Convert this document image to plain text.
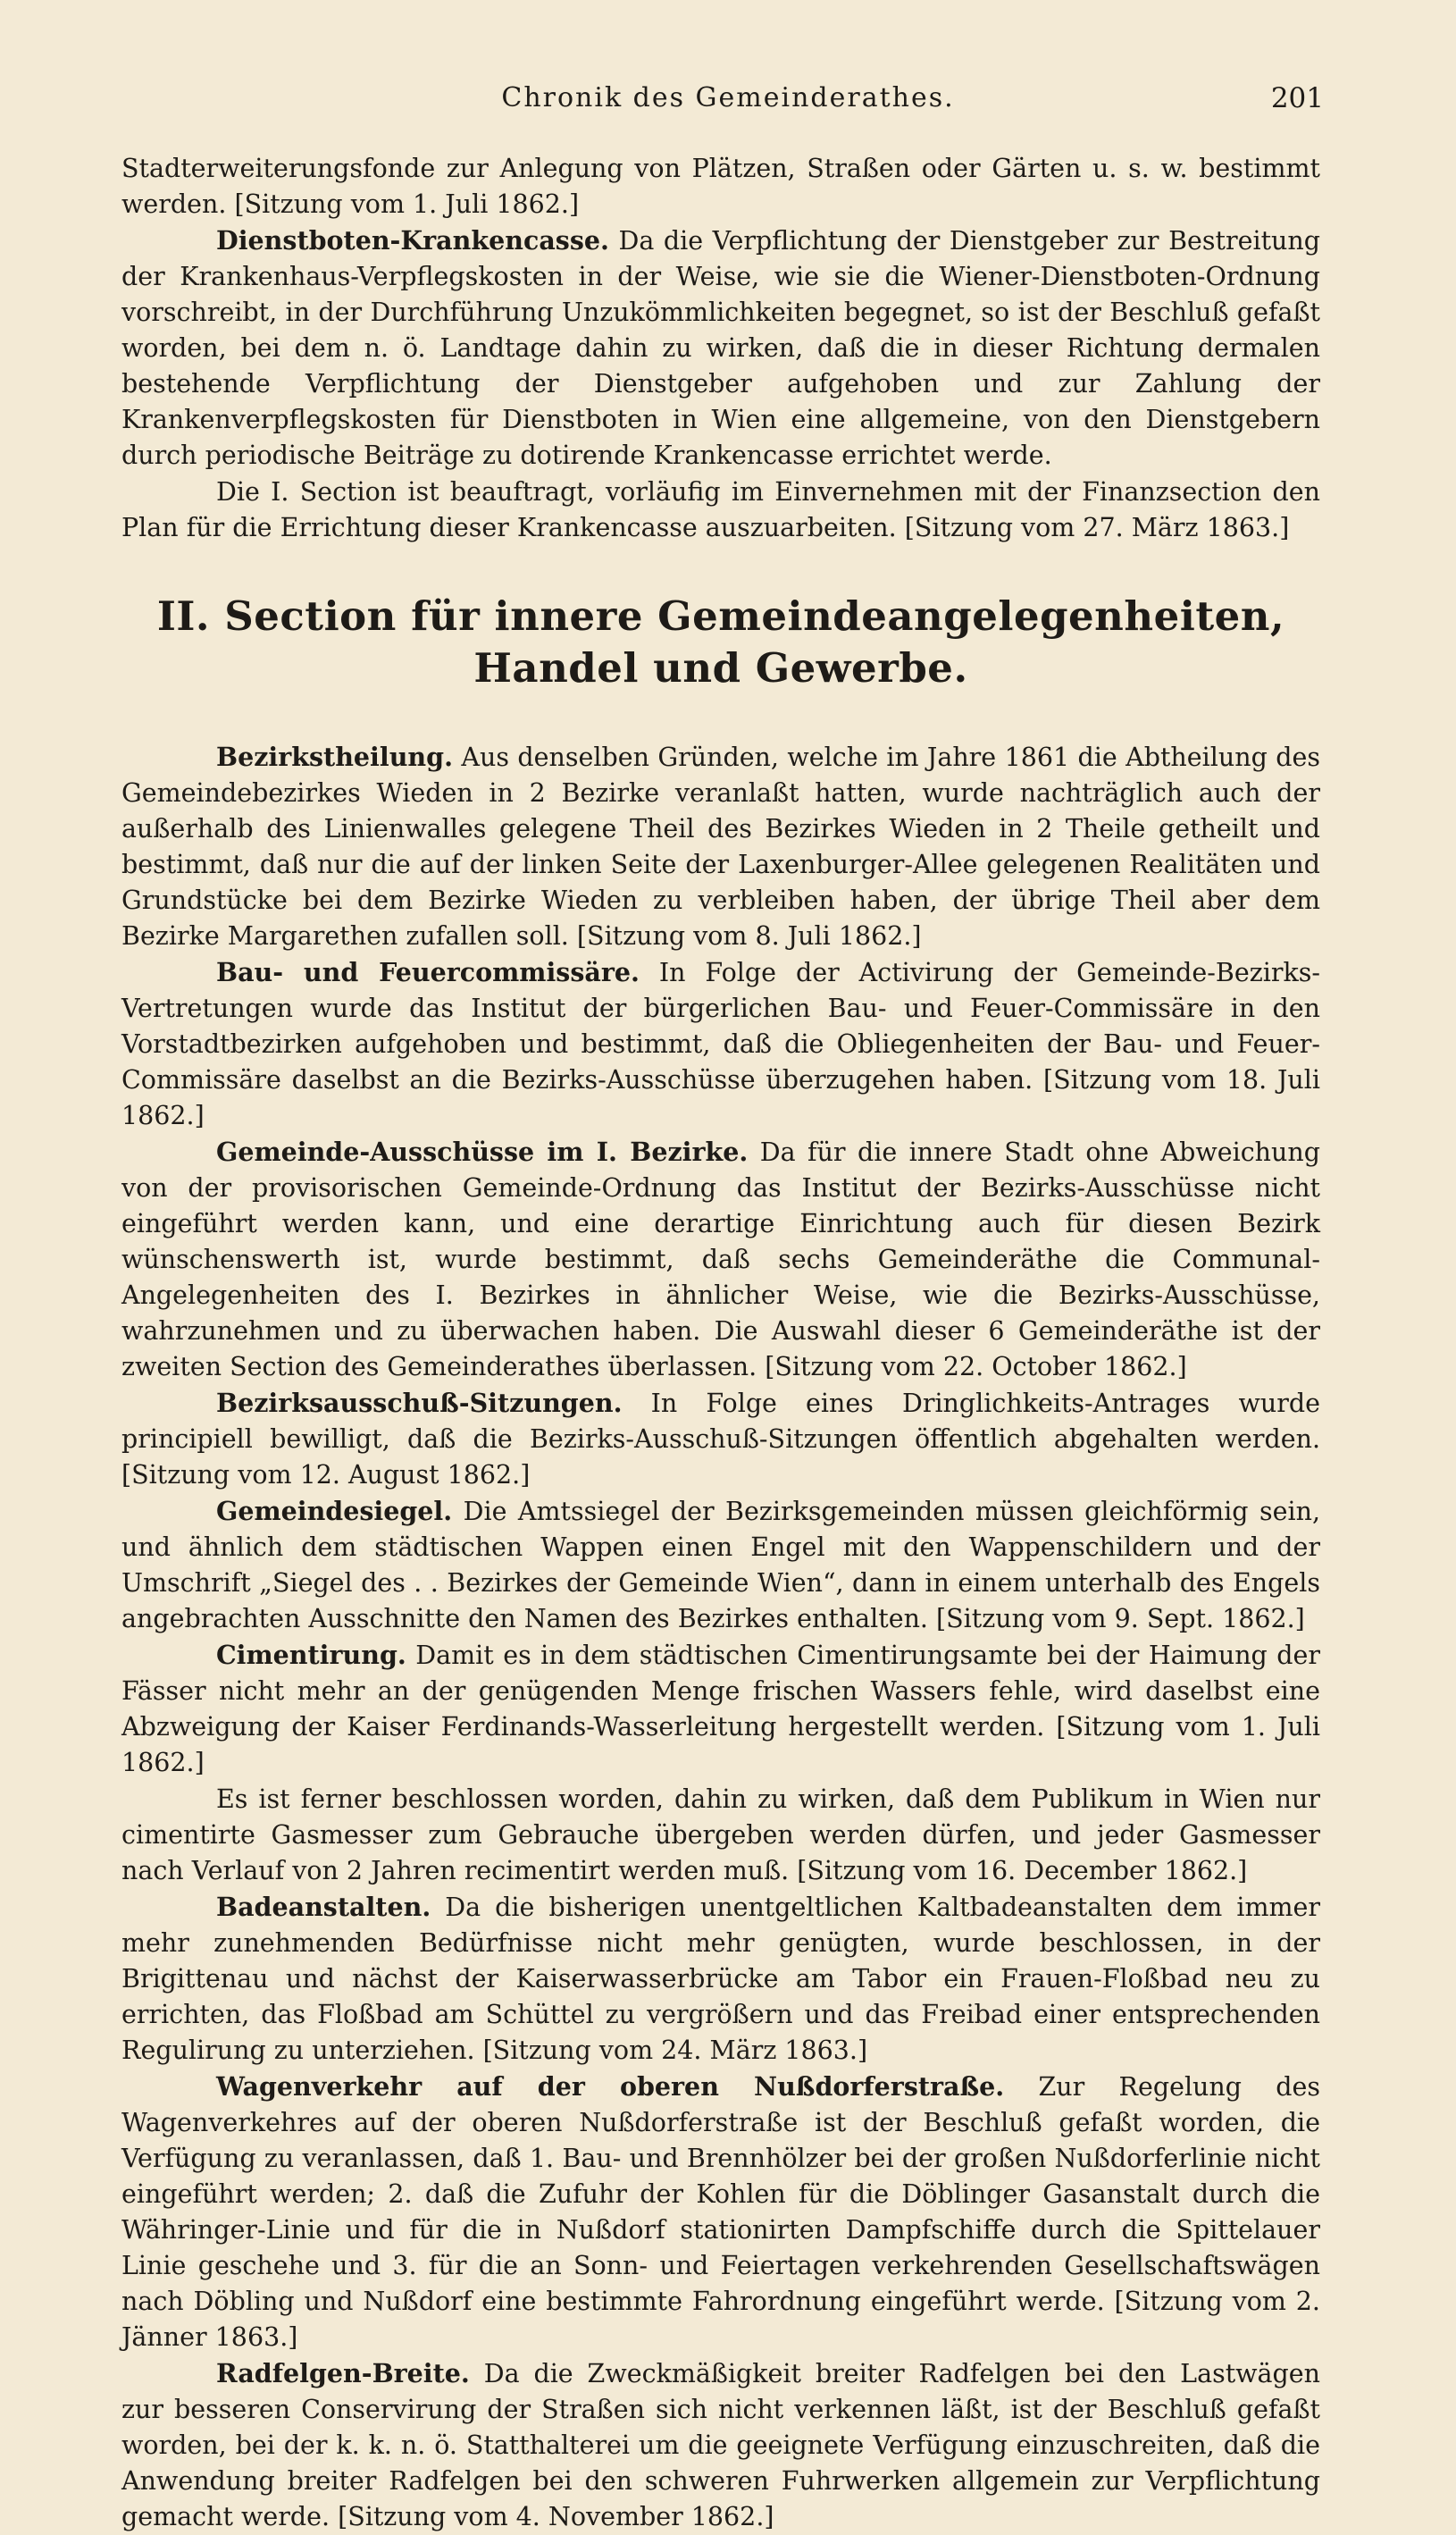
Chronik des Gemeinderathes.	201

Stadterweiterungsfonde zur Anlegung von Plätzen, Straßen oder Gärten u. s. w. bestimmt werden. [Sitzung vom 1. Juli 1862.]

Dienstboten-Krankencasse. Da die Verpflichtung der Dienstgeber zur Bestreitung der Krankenhaus-Verpflegskosten in der Weise, wie sie die Wiener-Dienstboten-Ordnung vorschreibt, in der Durchführung Unzukömmlichkeiten begegnet, so ist der Beschluß gefaßt worden, bei dem n. ö. Landtage dahin zu wirken, daß die in dieser Richtung dermalen bestehende Verpflichtung der Dienstgeber aufgehoben und zur Zahlung der Krankenverpflegskosten für Dienstboten in Wien eine allgemeine, von den Dienstgebern durch periodische Beiträge zu dotirende Krankencasse errichtet werde.

Die I. Section ist beauftragt, vorläufig im Einvernehmen mit der Finanzsection den Plan für die Errichtung dieser Krankencasse auszuarbeiten. [Sitzung vom 27. März 1863.]

II. Section für innere Gemeindeangelegenheiten, Handel und Gewerbe.

Bezirkstheilung. Aus denselben Gründen, welche im Jahre 1861 die Abtheilung des Gemeindebezirkes Wieden in 2 Bezirke veranlaßt hatten, wurde nachträglich auch der außerhalb des Linienwalles gelegene Theil des Bezirkes Wieden in 2 Theile getheilt und bestimmt, daß nur die auf der linken Seite der Laxenburger-Allee gelegenen Realitäten und Grundstücke bei dem Bezirke Wieden zu verbleiben haben, der übrige Theil aber dem Bezirke Margarethen zufallen soll. [Sitzung vom 8. Juli 1862.]

Bau- und Feuercommissäre. In Folge der Activirung der Gemeinde-Bezirks-Vertretungen wurde das Institut der bürgerlichen Bau- und Feuer-Commissäre in den Vorstadtbezirken aufgehoben und bestimmt, daß die Obliegenheiten der Bau- und Feuer-Commissäre daselbst an die Bezirks-Ausschüsse überzugehen haben. [Sitzung vom 18. Juli 1862.]

Gemeinde-Ausschüsse im I. Bezirke. Da für die innere Stadt ohne Abweichung von der provisorischen Gemeinde-Ordnung das Institut der Bezirks-Ausschüsse nicht eingeführt werden kann, und eine derartige Einrichtung auch für diesen Bezirk wünschenswerth ist, wurde bestimmt, daß sechs Gemeinderäthe die Communal-Angelegenheiten des I. Bezirkes in ähnlicher Weise, wie die Bezirks-Ausschüsse, wahrzunehmen und zu überwachen haben. Die Auswahl dieser 6 Gemeinderäthe ist der zweiten Section des Gemeinderathes überlassen. [Sitzung vom 22. October 1862.]

Bezirksausschuß-Sitzungen. In Folge eines Dringlichkeits-Antrages wurde principiell bewilligt, daß die Bezirks-Ausschuß-Sitzungen öffentlich abgehalten werden. [Sitzung vom 12. August 1862.]

Gemeindesiegel. Die Amtssiegel der Bezirksgemeinden müssen gleichförmig sein, und ähnlich dem städtischen Wappen einen Engel mit den Wappenschildern und der Umschrift „Siegel des . . Bezirkes der Gemeinde Wien“, dann in einem unterhalb des Engels angebrachten Ausschnitte den Namen des Bezirkes enthalten. [Sitzung vom 9. Sept. 1862.]

Cimentirung. Damit es in dem städtischen Cimentirungsamte bei der Haimung der Fässer nicht mehr an der genügenden Menge frischen Wassers fehle, wird daselbst eine Abzweigung der Kaiser Ferdinands-Wasserleitung hergestellt werden. [Sitzung vom 1. Juli 1862.]

Es ist ferner beschlossen worden, dahin zu wirken, daß dem Publikum in Wien nur cimentirte Gasmesser zum Gebrauche übergeben werden dürfen, und jeder Gasmesser nach Verlauf von 2 Jahren recimentirt werden muß. [Sitzung vom 16. December 1862.]

Badeanstalten. Da die bisherigen unentgeltlichen Kaltbadeanstalten dem immer mehr zunehmenden Bedürfnisse nicht mehr genügten, wurde beschlossen, in der Brigittenau und nächst der Kaiserwasserbrücke am Tabor ein Frauen-Floßbad neu zu errichten, das Floßbad am Schüttel zu vergrößern und das Freibad einer entsprechenden Regulirung zu unterziehen. [Sitzung vom 24. März 1863.]

Wagenverkehr auf der oberen Nußdorferstraße. Zur Regelung des Wagenverkehres auf der oberen Nußdorferstraße ist der Beschluß gefaßt worden, die Verfügung zu veranlassen, daß 1. Bau- und Brennhölzer bei der großen Nußdorferlinie nicht eingeführt werden; 2. daß die Zufuhr der Kohlen für die Döblinger Gasanstalt durch die Währinger-Linie und für die in Nußdorf stationirten Dampfschiffe durch die Spittelauer Linie geschehe und 3. für die an Sonn- und Feiertagen verkehrenden Gesellschaftswägen nach Döbling und Nußdorf eine bestimmte Fahrordnung eingeführt werde. [Sitzung vom 2. Jänner 1863.]

Radfelgen-Breite. Da die Zweckmäßigkeit breiter Radfelgen bei den Lastwägen zur besseren Conservirung der Straßen sich nicht verkennen läßt, ist der Beschluß gefaßt worden, bei der k. k. n. ö. Statthalterei um die geeignete Verfügung einzuschreiten, daß die Anwendung breiter Radfelgen bei den schweren Fuhrwerken allgemein zur Verpflichtung gemacht werde. [Sitzung vom 4. November 1862.]
